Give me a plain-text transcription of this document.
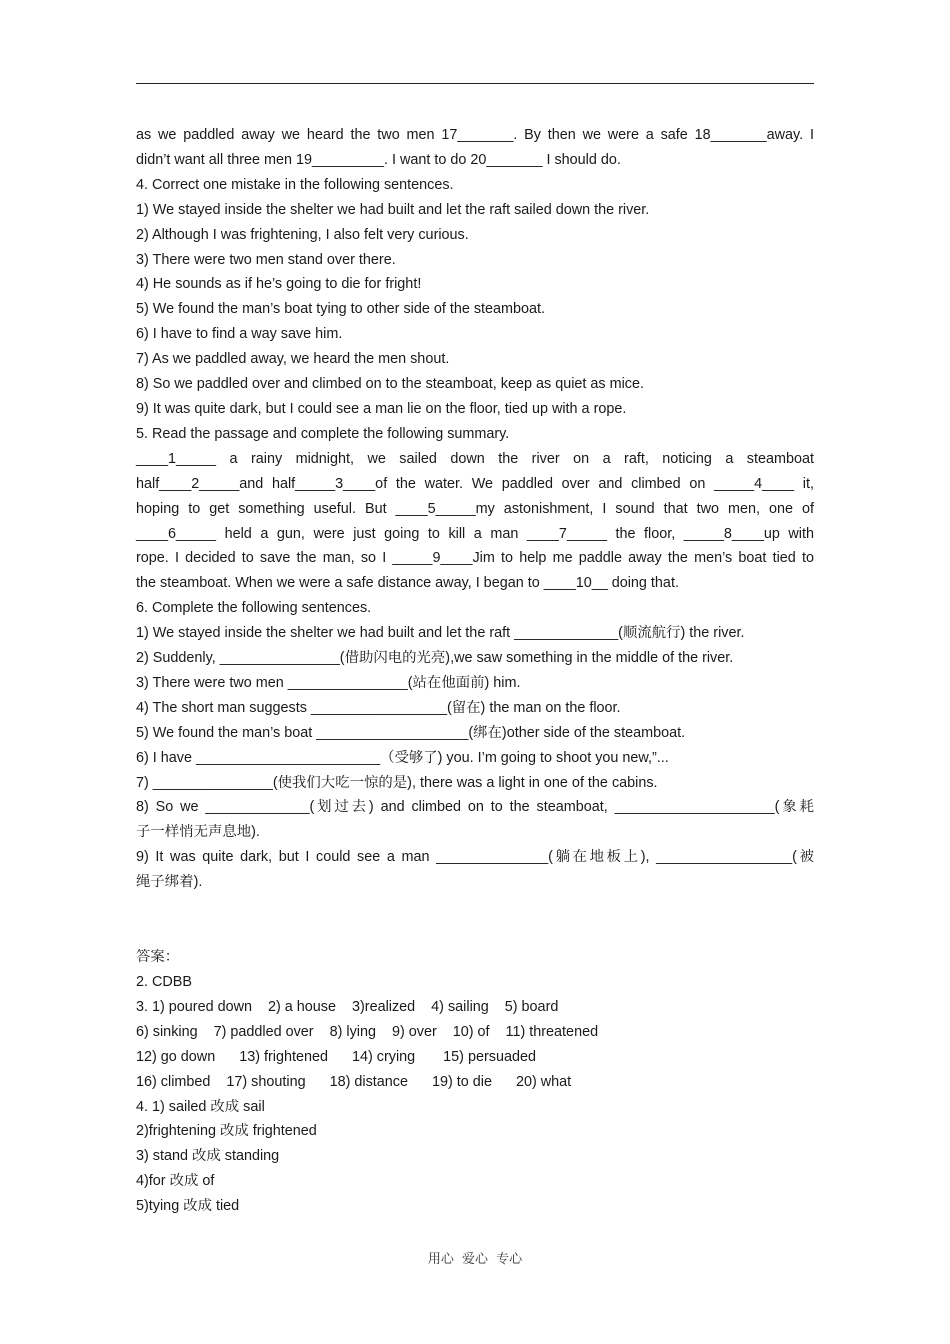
as we paddled away we heard the two men 17_______. By then we were a safe 18_______away. I
didn’t want all three men 19_________. I want to do 20_______ I should do.
4. Correct one mistake in the following sentences.
1) We stayed inside the shelter we had built and let the raft sailed down the river.
2) Although I was frightening, I also felt very curious.
3) There were two men stand over there.
4) He sounds as if he’s going to die for fright!
5) We found the man’s boat tying to other side of the steamboat.
6) I have to find a way save him.
7) As we paddled away, we heard the men shout.
8) So we paddled over and climbed on to the steamboat, keep as quiet as mice.
9) It was quite dark, but I could see a man lie on the floor, tied up with a rope.
5. Read the passage and complete the following summary.
____1_____ a rainy midnight, we sailed down the river on a raft, noticing a steamboat
half____2_____and half_____3____of the water. We paddled over and climbed on _____4____ it,
hoping to get something useful. But ____5_____my astonishment, I sound that two men, one of
____6_____ held a gun, were just going to kill a man ____7_____ the floor, _____8____up with
rope. I decided to save the man, so I _____9____Jim to help me paddle away the men’s boat tied to
the steamboat. When we were a safe distance away, I began to ____10__ doing that.
6. Complete the following sentences.
1) We stayed inside the shelter we had built and let the raft _____________(顺流航行) the river.
2) Suddenly, _______________(借助闪电的光亮),we saw something in the middle of the river.
3) There were two men _______________(站在他面前) him.
4) The short man suggests _________________(留在) the man on the floor.
5) We found the man’s boat ___________________(绑在)other side of the steamboat.
6) I have _______________________（受够了) you. I’m going to shoot you new,”...
7) _______________(使我们大吃一惊的是), there was a light in one of the cabins.
8) So we _____________(划过去) and climbed on to the steamboat, ____________________(象耗
子一样悄无声息地).
9) It was quite dark, but I could see a man ______________(躺在地板上), _________________(被
绳子绑着).
答案：
2. CDBB
3. 1) poured down    2) a house    3)realized    4) sailing    5) board
6) sinking    7) paddled over    8) lying    9) over    10) of    11) threatened
12) go down      13) frightened      14) crying       15) persuaded
16) climbed    17) shouting      18) distance      19) to die      20) what
4. 1) sailed 改成 sail
2)frightening 改成 frightened
3) stand 改成 standing
4)for 改成 of
5)tying 改成 tied
用心 爱心 专心
